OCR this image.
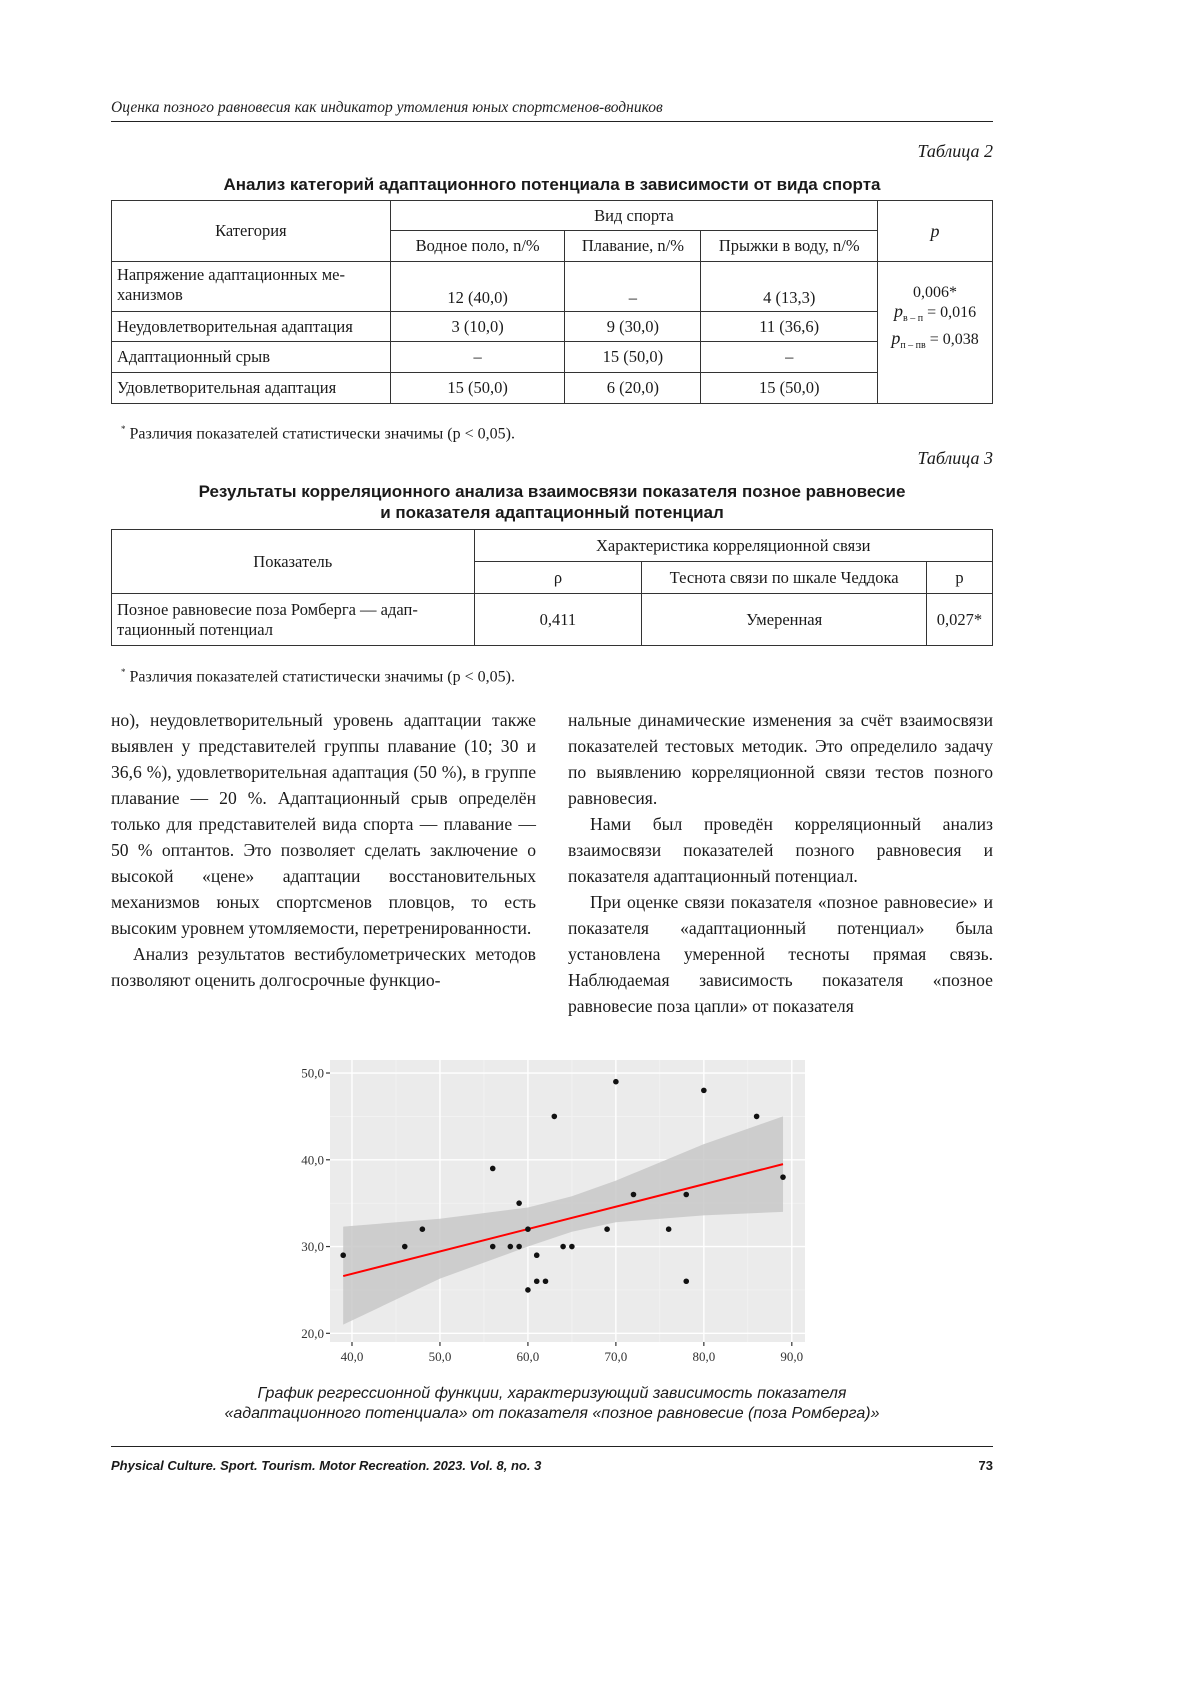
Оценка позного равновесия как индикатор утомления юных спортсменов-водников
Таблица 2
Анализ категорий адаптационного потенциала в зависимости от вида спорта
Категория	Вид спорта			p
	Водное поло, n/%	Плавание, n/%	Прыжки в воду, n/%	
Напряжение адаптационных ме-ханизмов	12 (40,0)	–	4 (13,3)	0,006*
$p_{в - п} = 0,016$
$p_{п - пв} = 0,038$

Неудовлетворительная адаптация	3 (10,0)	9 (30,0)	11 (36,6)	
Адаптационный срыв	–	15 (50,0)	–	
Удовлетворительная адаптация	15 (50,0)	6 (20,0)	15 (50,0)	
* Различия показателей статистически значимы (p < 0,05).
Таблица 3
Результаты корреляционного анализа взаимосвязи показателя позное равновесие
и показателя адаптационный потенциал
Показатель	Характеристика корреляционной связи		
	ρ	Теснота связи по шкале Чеддока	p
Позное равновесие поза Ромберга — адап-тационный потенциал	0,411	Умеренная	0,027*
* Различия показателей статистически значимы (p < 0,05).

но), неудовлетворительный уровень адаптации также выявлен у представителей группы плавание (10; 30 и 36,6 %), удовлетворительная адаптация (50 %), в группе плавание — 20 %. Адаптационный срыв определён только для представителей вида спорта — плавание — 50 % оптантов. Это позволяет сделать заключение о высокой «цене» адаптации восстановительных механизмов юных спортсменов пловцов, то есть высоким уровнем утомляемости, перетренированности.

Анализ результатов вестибулометрических методов позволяют оценить долгосрочные функцио-

нальные динамические изменения за счёт взаимосвязи показателей тестовых методик. Это определило задачу по выявлению корреляционной связи тестов позного равновесия.

Нами был проведён корреляционный анализ взаимосвязи показателей позного равновесия и показателя адаптационный потенциал.

При оценке связи показателя «позное равновесие» и показателя «адаптационный потенциал» была установлена умеренной тесноты прямая связь. Наблюдаемая зависимость показателя «позное равновесие поза цапли» от показателя

20,0
30,0
40,0
50,0
40,0	50,0	60,0	70,0	80,0	90,0
График регрессионной функции, характеризующий зависимость показателя
«адаптационного потенциала» от показателя «позное равновесие (поза Ромберга)»
Physical Culture. Sport. Tourism. Motor Recreation. 2023. Vol. 8, no. 3	73
